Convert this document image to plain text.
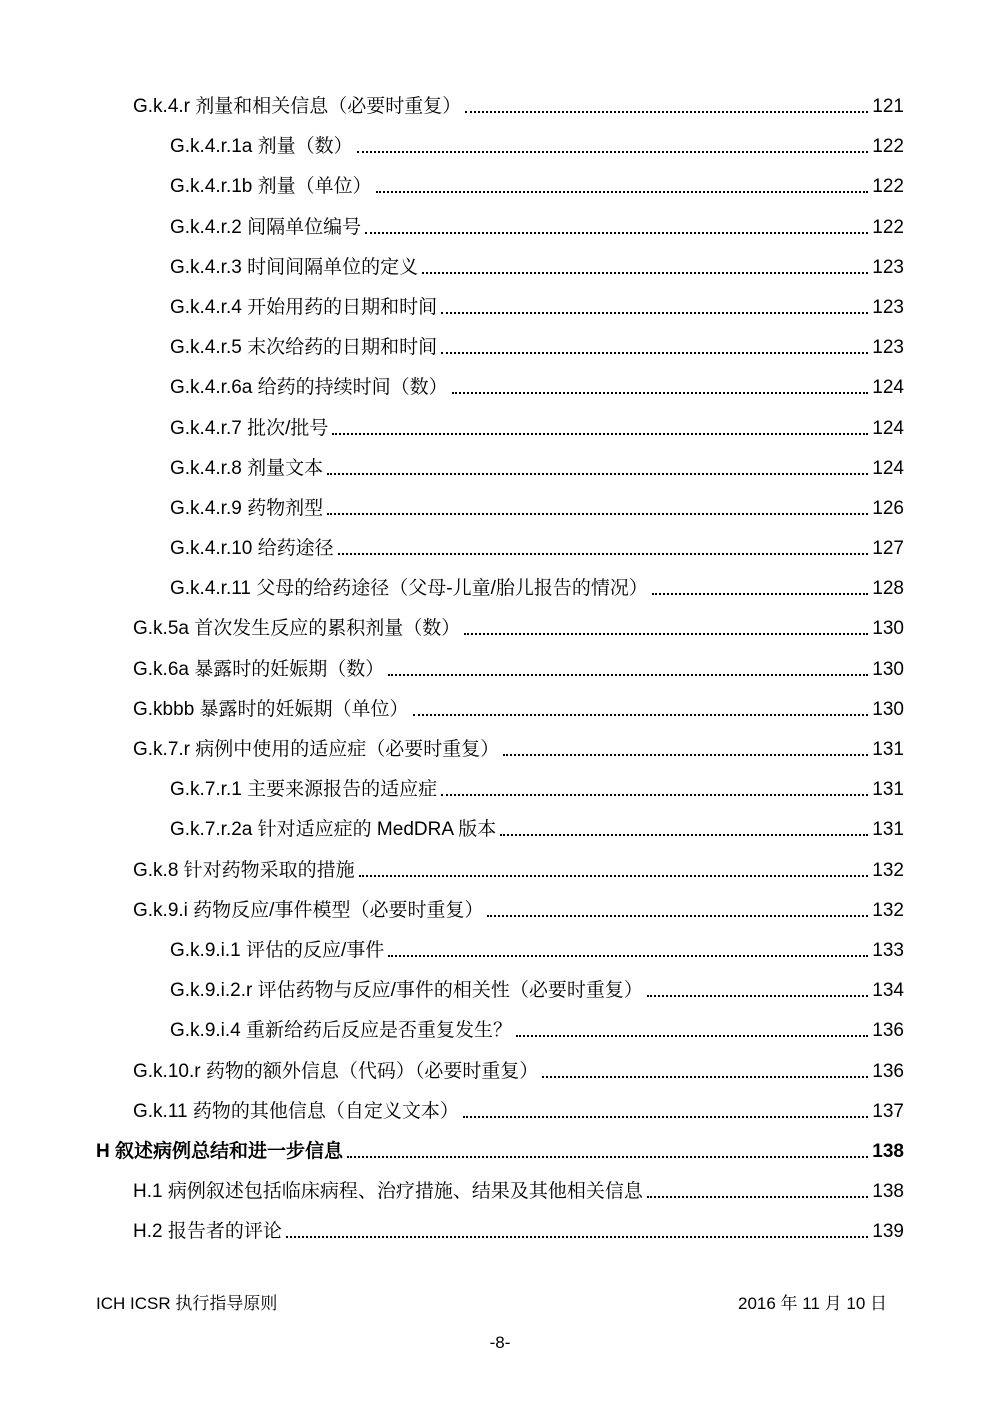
G.k.4.r 剂量和相关信息（必要时重复）	121
G.k.4.r.1a 剂量（数）	122
G.k.4.r.1b 剂量（单位）	122
G.k.4.r.2 间隔单位编号	122
G.k.4.r.3 时间间隔单位的定义	123
G.k.4.r.4 开始用药的日期和时间	123
G.k.4.r.5 末次给药的日期和时间	123
G.k.4.r.6a 给药的持续时间（数）	124
G.k.4.r.7 批次/批号	124
G.k.4.r.8 剂量文本	124
G.k.4.r.9 药物剂型	126
G.k.4.r.10 给药途径	127
G.k.4.r.11 父母的给药途径（父母-儿童/胎儿报告的情况）	128
G.k.5a 首次发生反应的累积剂量（数）	130
G.k.6a 暴露时的妊娠期（数）	130
G.kbbb 暴露时的妊娠期（单位）	130
G.k.7.r 病例中使用的适应症（必要时重复）	131
G.k.7.r.1 主要来源报告的适应症	131
G.k.7.r.2a 针对适应症的 MedDRA 版本	131
G.k.8 针对药物采取的措施	132
G.k.9.i 药物反应/事件模型（必要时重复）	132
G.k.9.i.1 评估的反应/事件	133
G.k.9.i.2.r 评估药物与反应/事件的相关性（必要时重复）	134
G.k.9.i.4 重新给药后反应是否重复发生？	136
G.k.10.r 药物的额外信息（代码）（必要时重复）	136
G.k.11 药物的其他信息（自定义文本）	137
H 叙述病例总结和进一步信息	138
H.1 病例叙述包括临床病程、治疗措施、结果及其他相关信息	138
H.2 报告者的评论	139
ICH ICSR 执行指导原则	2016 年 11 月 10 日
-8-
